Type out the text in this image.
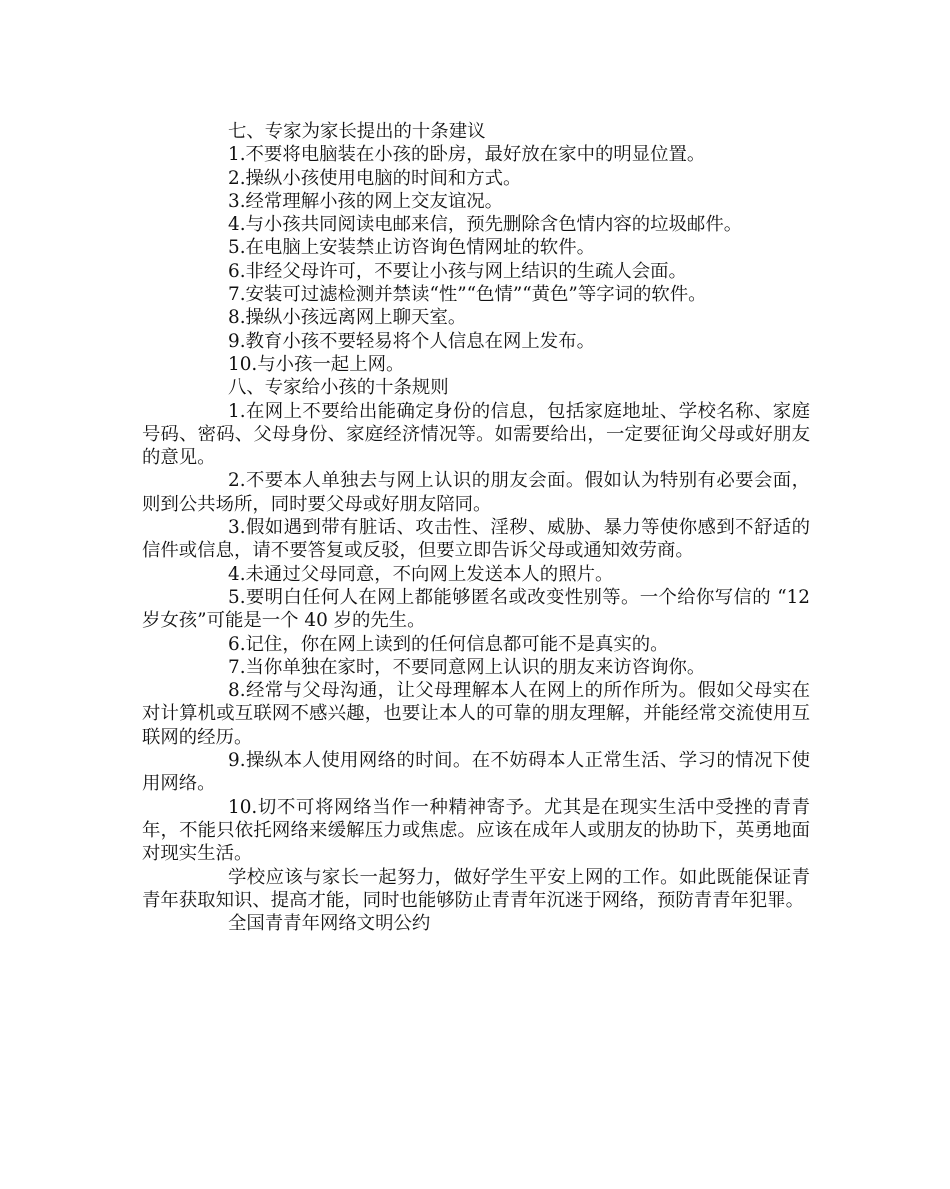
七、专家为家长提出的十条建议

1.不要将电脑装在小孩的卧房，最好放在家中的明显位置。

2.操纵小孩使用电脑的时间和方式。

3.经常理解小孩的网上交友谊况。

4.与小孩共同阅读电邮来信，预先删除含色情内容的垃圾邮件。

5.在电脑上安装禁止访咨询色情网址的软件。

6.非经父母许可，不要让小孩与网上结识的生疏人会面。

7.安装可过滤检测并禁读“性”“色情”“黄色”等字词的软件。

8.操纵小孩远离网上聊天室。

9.教育小孩不要轻易将个人信息在网上发布。

10.与小孩一起上网。

八、专家给小孩的十条规则

1.在网上不要给出能确定身份的信息，包括家庭地址、学校名称、家庭号码、密码、父母身份、家庭经济情况等。如需要给出，一定要征询父母或好朋友的意见。

2.不要本人单独去与网上认识的朋友会面。假如认为特别有必要会面，则到公共场所，同时要父母或好朋友陪同。

3.假如遇到带有脏话、攻击性、淫秽、威胁、暴力等使你感到不舒适的信件或信息，请不要答复或反驳，但要立即告诉父母或通知效劳商。

4.未通过父母同意，不向网上发送本人的照片。

5.要明白任何人在网上都能够匿名或改变性别等。一个给你写信的 “12 岁女孩”可能是一个 40 岁的先生。

6.记住，你在网上读到的任何信息都可能不是真实的。

7.当你单独在家时，不要同意网上认识的朋友来访咨询你。

8.经常与父母沟通，让父母理解本人在网上的所作所为。假如父母实在对计算机或互联网不感兴趣，也要让本人的可靠的朋友理解，并能经常交流使用互联网的经历。

9.操纵本人使用网络的时间。在不妨碍本人正常生活、学习的情况下使用网络。

10.切不可将网络当作一种精神寄予。尤其是在现实生活中受挫的青青年，不能只依托网络来缓解压力或焦虑。应该在成年人或朋友的协助下，英勇地面对现实生活。

学校应该与家长一起努力，做好学生平安上网的工作。如此既能保证青青年获取知识、提高才能，同时也能够防止青青年沉迷于网络，预防青青年犯罪。

全国青青年网络文明公约
